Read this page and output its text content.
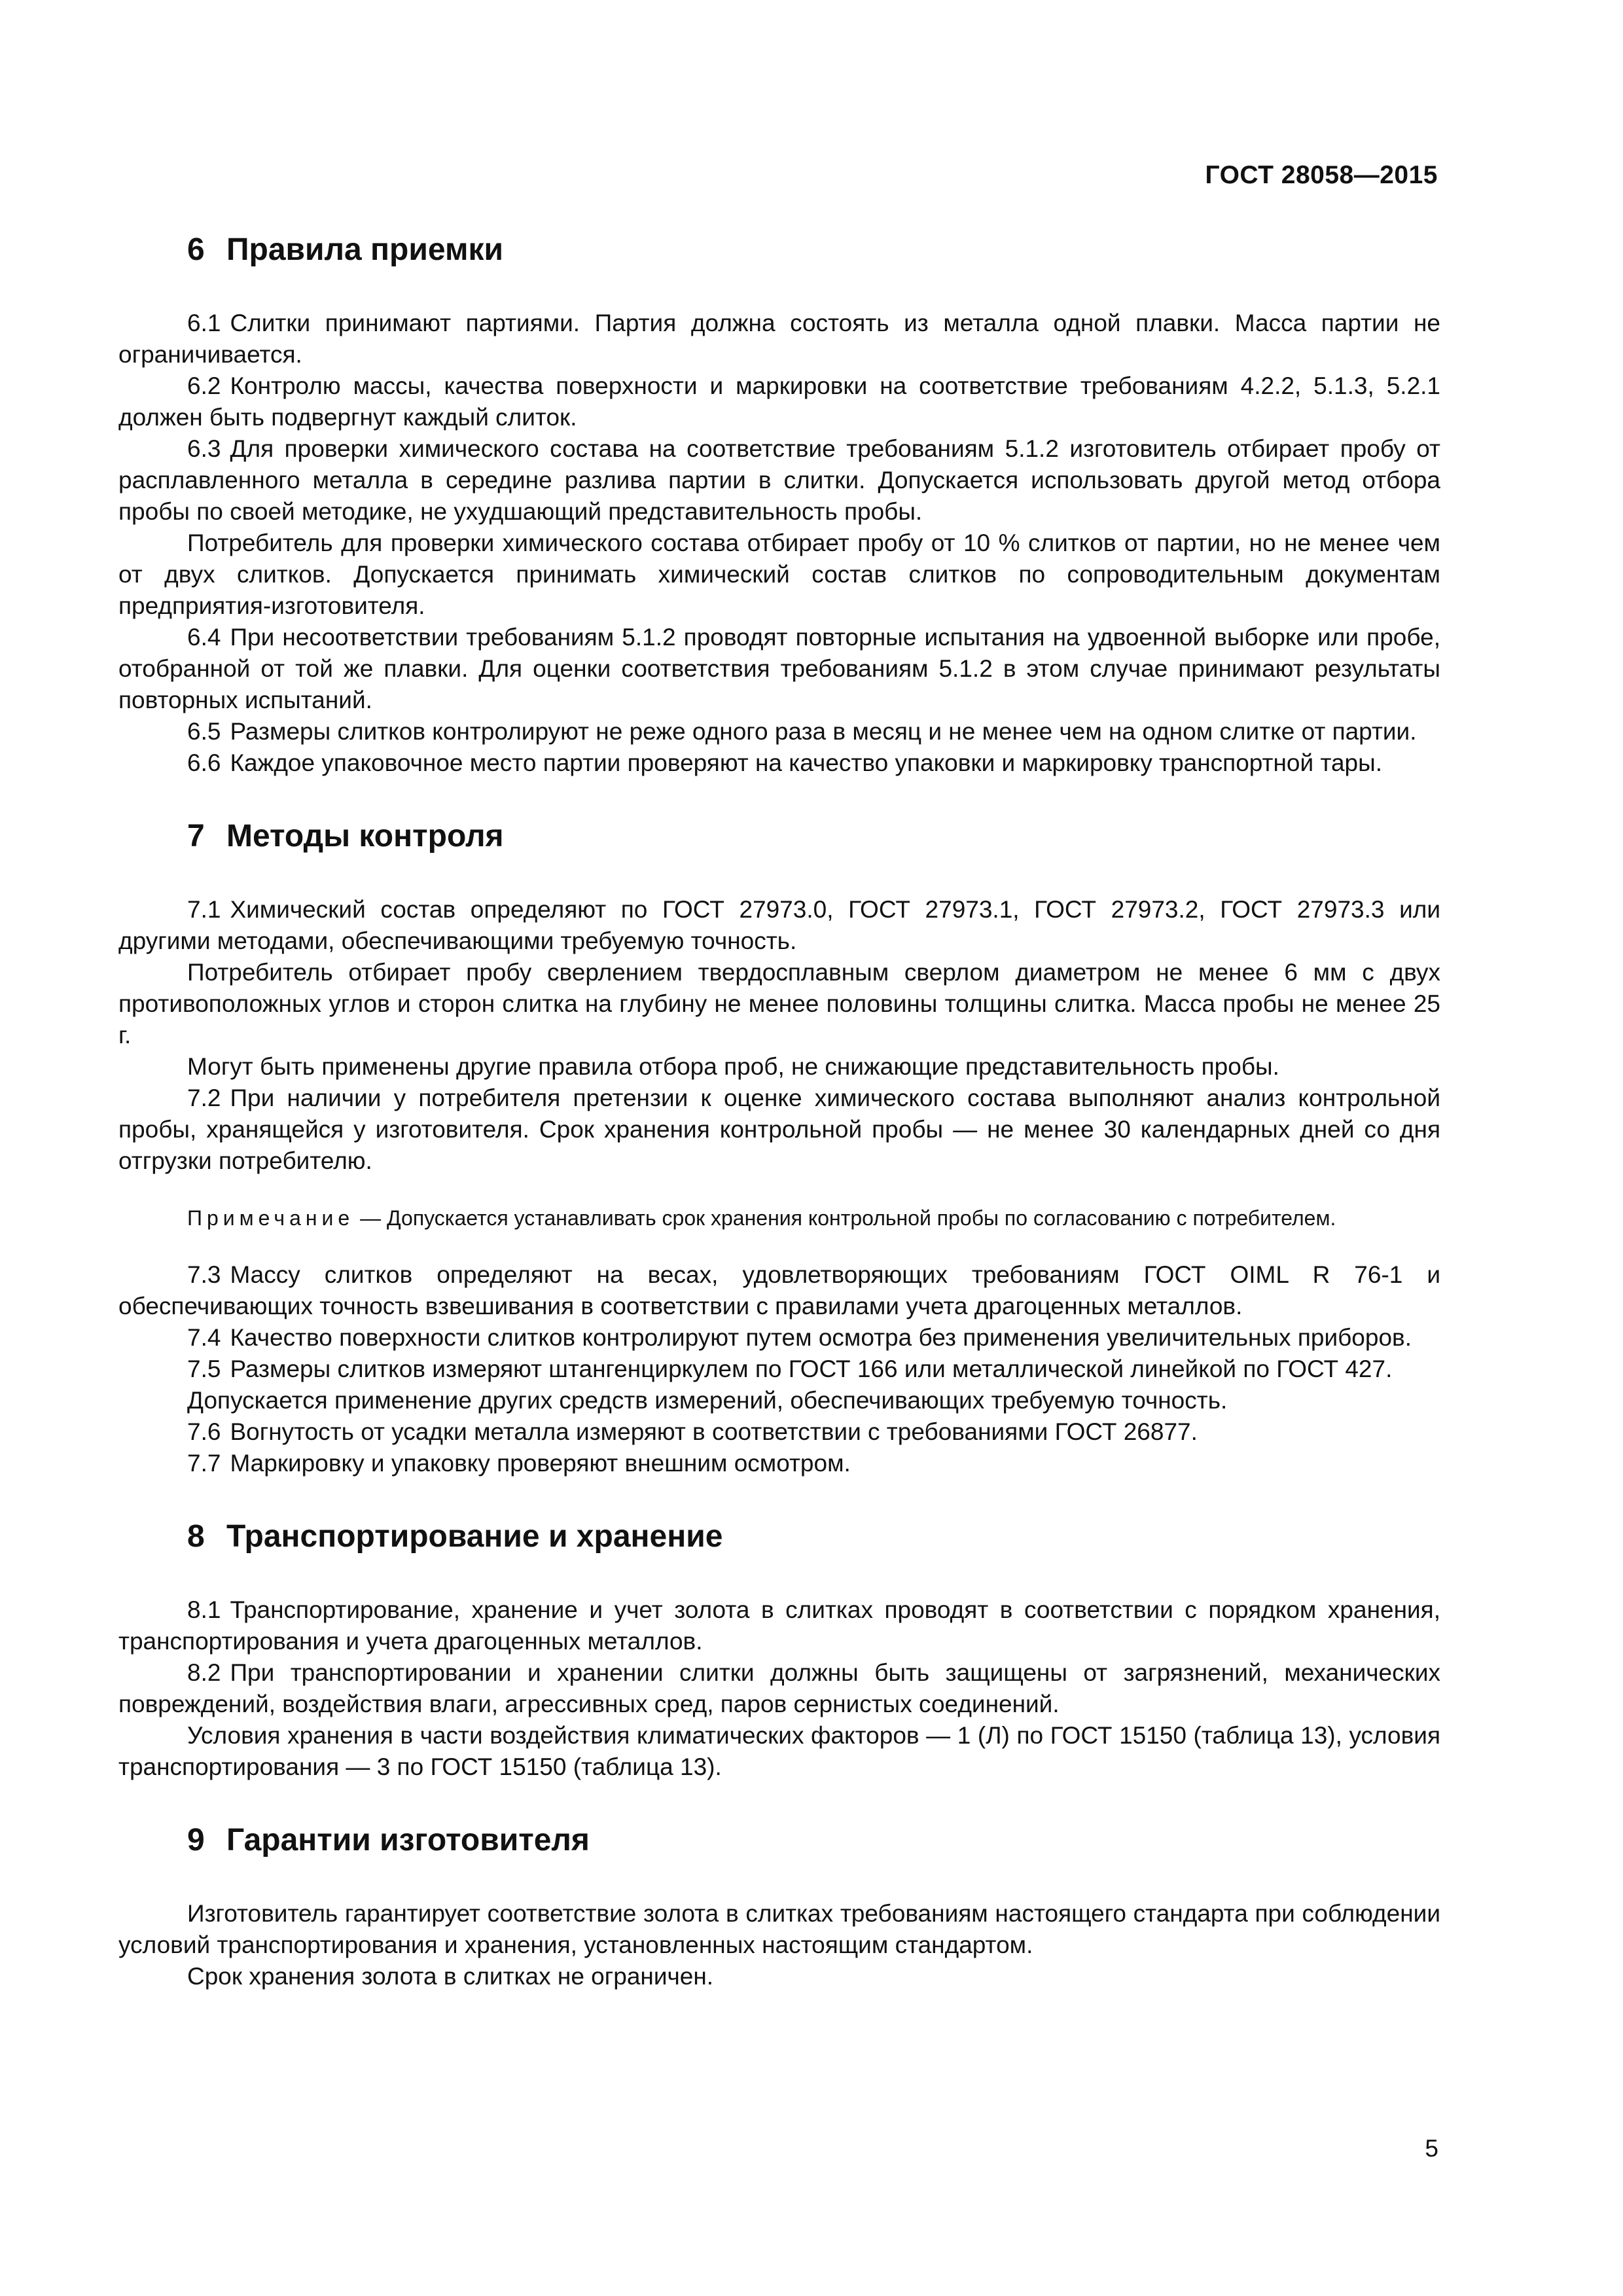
ГОСТ 28058—2015
6 Правила приемки

6.1 Слитки принимают партиями. Партия должна состоять из металла одной плавки. Масса партии не ограничивается.

6.2 Контролю массы, качества поверхности и маркировки на соответствие требованиям 4.2.2, 5.1.3, 5.2.1 должен быть подвергнут каждый слиток.

6.3 Для проверки химического состава на соответствие требованиям 5.1.2 изготовитель отбирает пробу от расплавленного металла в середине разлива партии в слитки. Допускается использовать другой метод отбора пробы по своей методике, не ухудшающий представительность пробы.

Потребитель для проверки химического состава отбирает пробу от 10 % слитков от партии, но не менее чем от двух слитков. Допускается принимать химический состав слитков по сопроводительным документам предприятия-изготовителя.

6.4 При несоответствии требованиям 5.1.2 проводят повторные испытания на удвоенной выборке или пробе, отобранной от той же плавки. Для оценки соответствия требованиям 5.1.2 в этом случае принимают результаты повторных испытаний.

6.5 Размеры слитков контролируют не реже одного раза в месяц и не менее чем на одном слитке от партии.

6.6 Каждое упаковочное место партии проверяют на качество упаковки и маркировку транспортной тары.

7 Методы контроля

7.1 Химический состав определяют по ГОСТ 27973.0, ГОСТ 27973.1, ГОСТ 27973.2, ГОСТ 27973.3 или другими методами, обеспечивающими требуемую точность.

Потребитель отбирает пробу сверлением твердосплавным сверлом диаметром не менее 6 мм с двух противоположных углов и сторон слитка на глубину не менее половины толщины слитка. Масса пробы не менее 25 г.

Могут быть применены другие правила отбора проб, не снижающие представительность пробы.

7.2 При наличии у потребителя претензии к оценке химического состава выполняют анализ контрольной пробы, хранящейся у изготовителя. Срок хранения контрольной пробы — не менее 30 календарных дней со дня отгрузки потребителю.

Примечание — Допускается устанавливать срок хранения контрольной пробы по согласованию с потребителем.

7.3 Массу слитков определяют на весах, удовлетворяющих требованиям ГОСТ OIML R 76-1 и обеспечивающих точность взвешивания в соответствии с правилами учета драгоценных металлов.

7.4 Качество поверхности слитков контролируют путем осмотра без применения увеличительных приборов.

7.5 Размеры слитков измеряют штангенциркулем по ГОСТ 166 или металлической линейкой по ГОСТ 427.

Допускается применение других средств измерений, обеспечивающих требуемую точность.

7.6 Вогнутость от усадки металла измеряют в соответствии с требованиями ГОСТ 26877.

7.7 Маркировку и упаковку проверяют внешним осмотром.

8 Транспортирование и хранение

8.1 Транспортирование, хранение и учет золота в слитках проводят в соответствии с порядком хранения, транспортирования и учета драгоценных металлов.

8.2 При транспортировании и хранении слитки должны быть защищены от загрязнений, механических повреждений, воздействия влаги, агрессивных сред, паров сернистых соединений.

Условия хранения в части воздействия климатических факторов — 1 (Л) по ГОСТ 15150 (таблица 13), условия транспортирования — 3 по ГОСТ 15150 (таблица 13).

9 Гарантии изготовителя

Изготовитель гарантирует соответствие золота в слитках требованиям настоящего стандарта при соблюдении условий транспортирования и хранения, установленных настоящим стандартом.

Срок хранения золота в слитках не ограничен.

5
